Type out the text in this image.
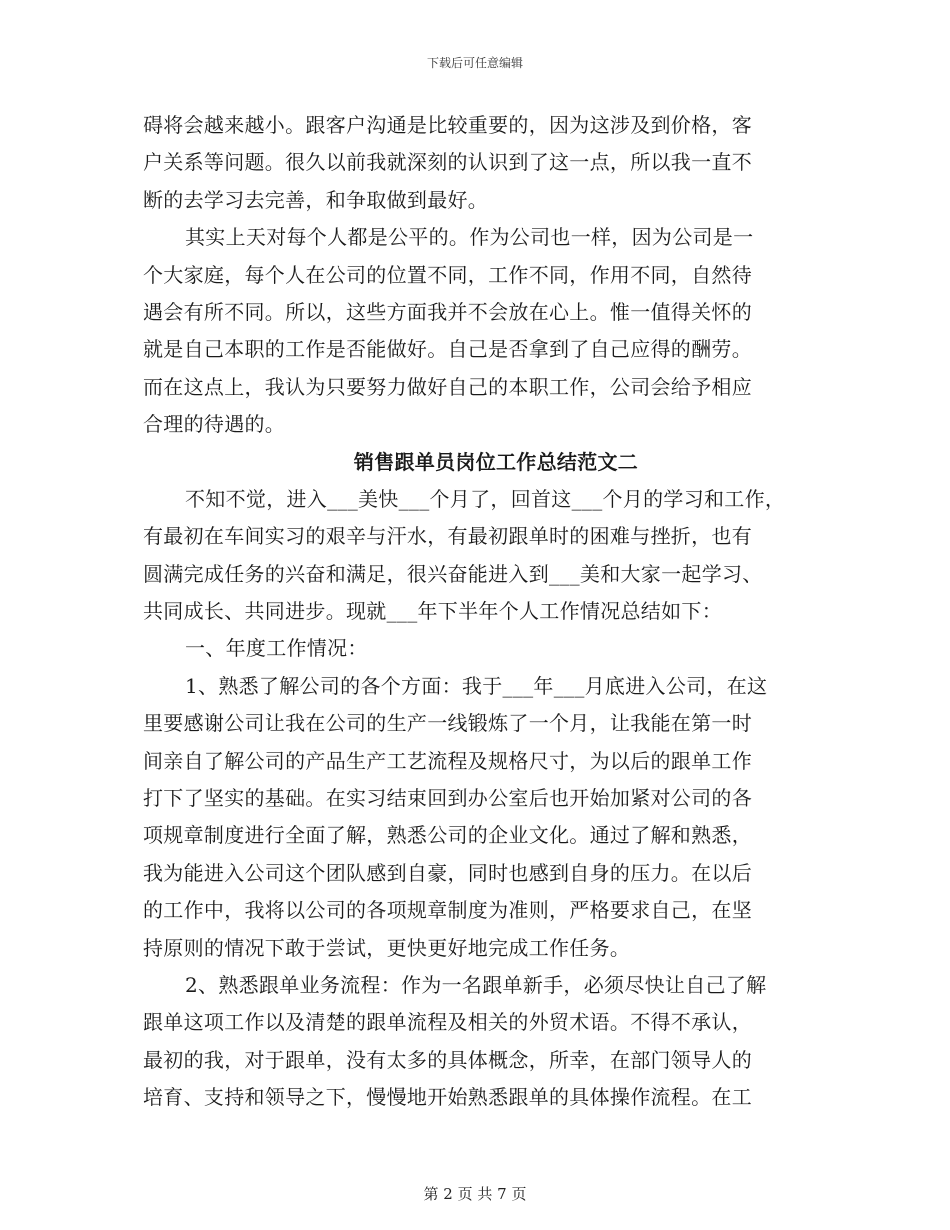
下载后可任意编辑
碍将会越来越小。跟客户沟通是比较重要的，因为这涉及到价格，客
户关系等问题。很久以前我就深刻的认识到了这一点，所以我一直不
断的去学习去完善，和争取做到最好。
其实上天对每个人都是公平的。作为公司也一样，因为公司是一
个大家庭，每个人在公司的位置不同，工作不同，作用不同，自然待
遇会有所不同。所以，这些方面我并不会放在心上。惟一值得关怀的
就是自己本职的工作是否能做好。自己是否拿到了自己应得的酬劳。
而在这点上，我认为只要努力做好自己的本职工作，公司会给予相应
合理的待遇的。
销售跟单员岗位工作总结范文二
不知不觉，进入___美快___个月了，回首这___个月的学习和工作，
有最初在车间实习的艰辛与汗水，有最初跟单时的困难与挫折，也有
圆满完成任务的兴奋和满足，很兴奋能进入到___美和大家一起学习、
共同成长、共同进步。现就___年下半年个人工作情况总结如下：
一、年度工作情况：
1、熟悉了解公司的各个方面：我于___年___月底进入公司，在这
里要感谢公司让我在公司的生产一线锻炼了一个月，让我能在第一时
间亲自了解公司的产品生产工艺流程及规格尺寸，为以后的跟单工作
打下了坚实的基础。在实习结束回到办公室后也开始加紧对公司的各
项规章制度进行全面了解，熟悉公司的企业文化。通过了解和熟悉，
我为能进入公司这个团队感到自豪，同时也感到自身的压力。在以后
的工作中，我将以公司的各项规章制度为准则，严格要求自己，在坚
持原则的情况下敢于尝试，更快更好地完成工作任务。
2、熟悉跟单业务流程：作为一名跟单新手，必须尽快让自己了解
跟单这项工作以及清楚的跟单流程及相关的外贸术语。不得不承认，
最初的我，对于跟单，没有太多的具体概念，所幸，在部门领导人的
培育、支持和领导之下，慢慢地开始熟悉跟单的具体操作流程。在工
第 2 页 共 7 页
